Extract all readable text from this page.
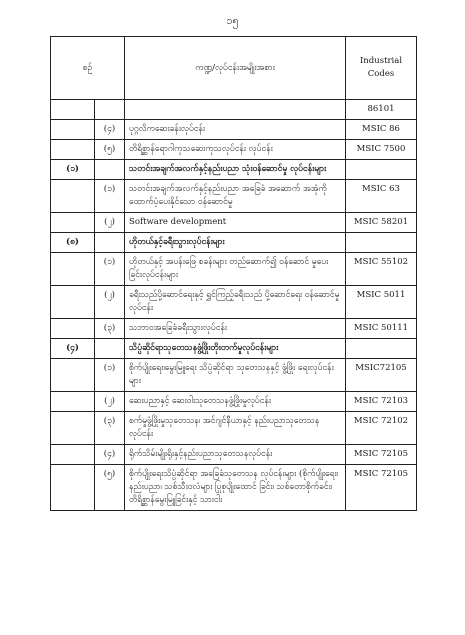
၁၅
စဉ်		ကဏ္ဍ/လုပ်ငန်းအမျိုးအစား	Industrial
Codes
			86101
	(၄)	ပုဂ္ဂလိကဆေးခန်းလုပ်ငန်း	MSIC 86
	(၅)	တိရိစ္ဆာန်ရောဂါကုသဆေးကုသလုပ်ငန်း လုပ်ငန်း	MSIC 7500
(၁)		သတင်းအချက်အလက်နှင့်နည်းပညာ သုံးဝန်ဆောင်မှု လုပ်ငန်းများ	
	(၁)	သတင်းအချက်အလက်နှင့်နည်းပညာ အခြေခံ အဆောက် အအုံကို ထောက်ပံ့ပေးနိုင်သော ဝန်ဆောင်မှု	MSIC 63
	(၂)	Software development	MSIC 58201
(၈)		ဟိုတယ်နှင့်ခရီးသွားလုပ်ငန်းများ	
	(၁)	ဟိုတယ်နှင့် အပန်းဖြေ စခန်းများ တည်ဆောက်၍ ဝန်ဆောင် မှုပေးခြင်းလုပ်ငန်းများ	MSIC 55102
	(၂)	ခရီးသည်ပို့ဆောင်ရေးနှင့် ရွှင်ကြည့်ခရီးသည် ပို့ဆောင်ရေး ဝန်ဆောင်မှုလုပ်ငန်း	MSIC 5011
	(၃)	သဘာဝအခြေခံခရီးသွားလုပ်ငန်း	MSIC 50111
(၄)		သိပ္ပံဆိုင်ရာသုတေသနဖွံ့ဖြိုးတိုးတက်မှုလုပ်ငန်းများ	
	(၁)	စိုက်ပျိုးရေး၊မွေးမြူရေး သိပ္ပံဆိုင်ရာ သုတေသနနှင့် ဖွံ့ဖြိုး ရေးလုပ်ငန်းများ	MSIC72105
	(၂)	ဆေးပညာနှင့် ဆေးဝါးသုတေသနဖွံ့ဖြိုးမှုလုပ်ငန်း	MSIC 72103
	(၃)	စက်မှုဖွံ့ဖြိုးမှုသုတေသန၊ အင်ဂျင်နီယာနှင့် နည်းပညာသုတေသနလုပ်ငန်း	MSIC 72102
	(၄)	ရိုက်သိမ်းမျိုးရိုးနှင့်နည်းပညာသုတေသနလုပ်ငန်း	MSIC 72105
	(၅)	စိုက်ပျိုးရေးသိပ္ပံဆိုင်ရာ အခြေခံသုတေသန လုပ်ငန်းများ (စိုက်ပျိုးရေး၊ နည်းပညာ၊ သစ်သီးဝလံများ ပြုစုပျိုးထောင် ခြင်း၊ သစ်တောစိုက်ခင်း၊ တိရိစ္ဆာန်မွေးမြူခြင်းနှင့် သားငါး	MSIC 72105
